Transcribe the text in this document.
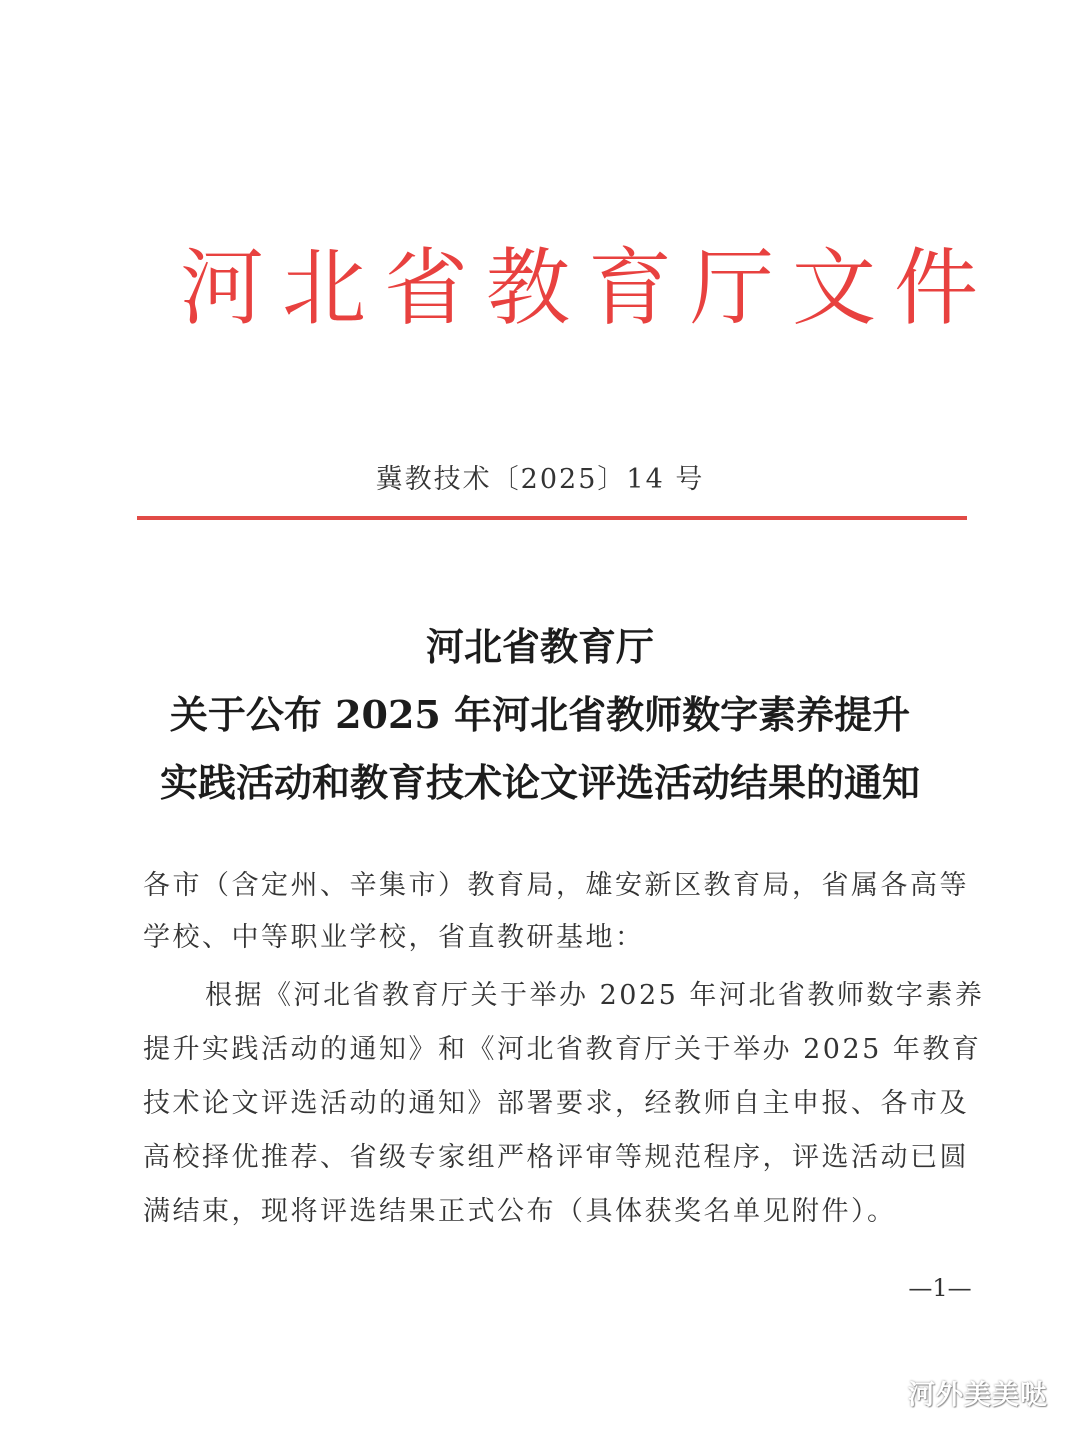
河北省教育厅文件
冀教技术〔2025〕14 号
河北省教育厅
关于公布 2025 年河北省教师数字素养提升
实践活动和教育技术论文评选活动结果的通知
各市（含定州、辛集市）教育局，雄安新区教育局，省属各高等
学校、中等职业学校，省直教研基地：
根据《河北省教育厅关于举办 2025 年河北省教师数字素养
提升实践活动的通知》和《河北省教育厅关于举办 2025 年教育
技术论文评选活动的通知》部署要求，经教师自主申报、各市及
高校择优推荐、省级专家组严格评审等规范程序，评选活动已圆
满结束，现将评选结果正式公布（具体获奖名单见附件）。
—1—
河外美美哒
